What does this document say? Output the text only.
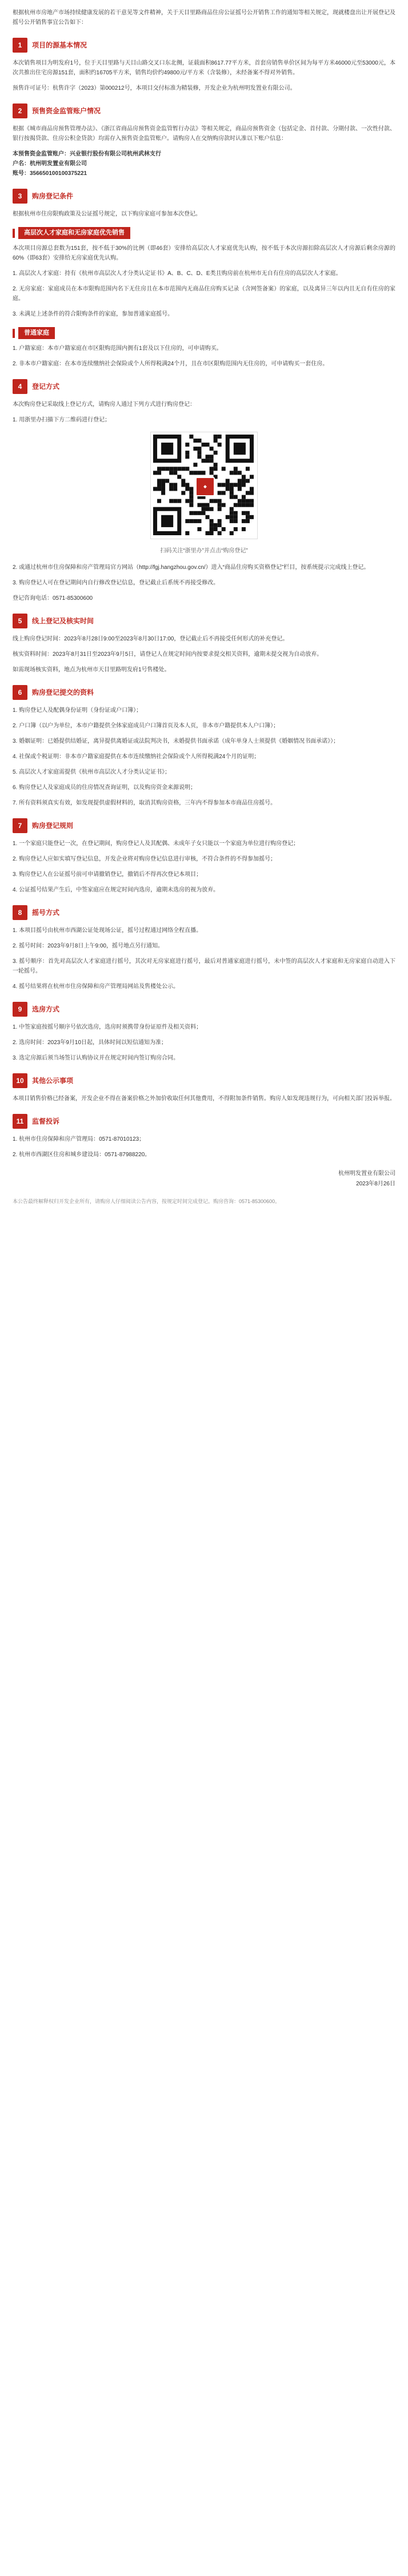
根据杭州市房地产市场持续健康发展的若干意见等文件精神，关于天目里路商品住房公证摇号公开销售工作的通知等相关规定，现就楼盘出让开展登记及摇号公开销售事宜公告如下：

1	项目的源基本情况

本次销售项目为明发府1号，位于天目里路与天目山路交叉口东北侧，证载面积8617.77平方米，首套房销售单价区间为每平方米46000元至53000元，本次共推出住宅房源151套，面积约16705平方米，销售均价约49800元/平方米（含装修），未经备案不得对外销售。

预售许可证号：杭售许字（2023）第000212号，本项目交付标准为精装修，开发企业为杭州明发置业有限公司。

2	预售资金监管账户情况

根据《城市商品房预售管理办法》、《浙江省商品房预售资金监管暂行办法》等相关规定，商品房预售资金（包括定金、首付款、分期付款、一次性付款、银行按揭贷款、住房公积金贷款）均需存入预售资金监管账户。请购房人在交纳购房款时认准以下账户信息：

本预售资金监管账户：兴业银行股份有限公司杭州武林支行

户名：杭州明发置业有限公司

账号：356650100100375221

3	购房登记条件

根据杭州市住房限购政策及公证摇号规定，以下购房家庭可参加本次登记。

高层次人才家庭和无房家庭优先销售

本次项目房源总套数为151套，按不低于30%的比例（即46套）安排给高层次人才家庭优先认购，按不低于本次房源扣除高层次人才房源后剩余房源的60%（即63套）安排给无房家庭优先认购。

1. 高层次人才家庭：持有《杭州市高层次人才分类认定证书》A、B、C、D、E类且购房前在杭州市无自有住房的高层次人才家庭。

2. 无房家庭：家庭成员在本市限购范围内名下无住房且在本市范围内无商品住房购买记录（含网签备案）的家庭，以及离异三年以内且无自有住房的家庭。

3. 未满足上述条件的符合限购条件的家庭，参加普通家庭摇号。

普通家庭

1. 户籍家庭：本市户籍家庭在市区限购范围内拥有1套及以下住房的，可申请购买。

2. 非本市户籍家庭：在本市连续缴纳社会保险或个人所得税满24个月，且在市区限购范围内无住房的，可申请购买一套住房。

4	登记方式

本次购房登记采取线上登记方式，请购房人通过下列方式进行购房登记：

1. 用浙里办扫描下方二维码进行登记；

◆

扫码关注“浙里办”并点击“购房登记”

2. 或通过杭州市住房保障和房产管理局官方网站（http://fgj.hangzhou.gov.cn/）进入“商品住房购买资格登记”栏目，按系统提示完成线上登记。

3. 购房登记人可在登记期间内自行修改登记信息，登记截止后系统不再接受修改。

登记咨询电话：0571-85300600

5	线上登记及核实时间

线上购房登记时间：2023年8月28日9:00至2023年8月30日17:00，登记截止后不再接受任何形式的补充登记。

核实资料时间：2023年8月31日至2023年9月5日，请登记人在规定时间内按要求提交相关资料，逾期未提交视为自动放弃。

如需现场核实资料，地点为杭州市天目里路明发府1号售楼处。

6	购房登记提交的资料

1. 购房登记人及配偶身份证明（身份证或户口簿）；

2. 户口簿（以户为单位，本市户籍提供全体家庭成员户口簿首页及本人页，非本市户籍提供本人户口簿）；

3. 婚姻证明：已婚提供结婚证，离异提供离婚证或法院判决书，未婚提供书面承诺（成年单身人士须提供《婚姻情况书面承诺》）；

4. 社保或个税证明：非本市户籍家庭提供在本市连续缴纳社会保险或个人所得税满24个月的证明；

5. 高层次人才家庭需提供《杭州市高层次人才分类认定证书》；

6. 购房登记人及家庭成员的住房情况查询证明，以及购房资金来源说明；

7. 所有资料须真实有效，如发现提供虚假材料的，取消其购房资格，三年内不得参加本市商品住房摇号。

7	购房登记规则

1. 一个家庭只能登记一次，在登记期间，购房登记人及其配偶、未成年子女只能以一个家庭为单位进行购房登记；

2. 购房登记人应如实填写登记信息，开发企业将对购房登记信息进行审核，不符合条件的不得参加摇号；

3. 购房登记人在公证摇号前可申请撤销登记，撤销后不得再次登记本项目；

4. 公证摇号结果产生后，中签家庭应在规定时间内选房，逾期未选房的视为放弃。

8	摇号方式

1. 本项目摇号由杭州市西湖公证处现场公证，摇号过程通过网络全程直播。

2. 摇号时间：2023年9月8日上午9:00，摇号地点另行通知。

3. 摇号顺序：首先对高层次人才家庭进行摇号，其次对无房家庭进行摇号，最后对普通家庭进行摇号，未中签的高层次人才家庭和无房家庭自动进入下一轮摇号。

4. 摇号结果将在杭州市住房保障和房产管理局网站及售楼处公示。

9	选房方式

1. 中签家庭按摇号顺序号依次选房，选房时须携带身份证原件及相关资料；

2. 选房时间：2023年9月10日起，具体时间以短信通知为准；

3. 选定房源后须当场签订认购协议并在规定时间内签订购房合同。

10	其他公示事项

本项目销售价格已经备案，开发企业不得在备案价格之外加价收取任何其他费用，不得附加条件销售。购房人如发现违规行为，可向相关部门投诉举报。

11	监督投诉

1. 杭州市住房保障和房产管理局：0571-87010123；

2. 杭州市西湖区住房和城乡建设局：0571-87988220。

杭州明发置业有限公司
2023年8月26日

本公告最终解释权归开发企业所有，请购房人仔细阅读公告内容，按规定时间完成登记。购房咨询：0571-85300600。
